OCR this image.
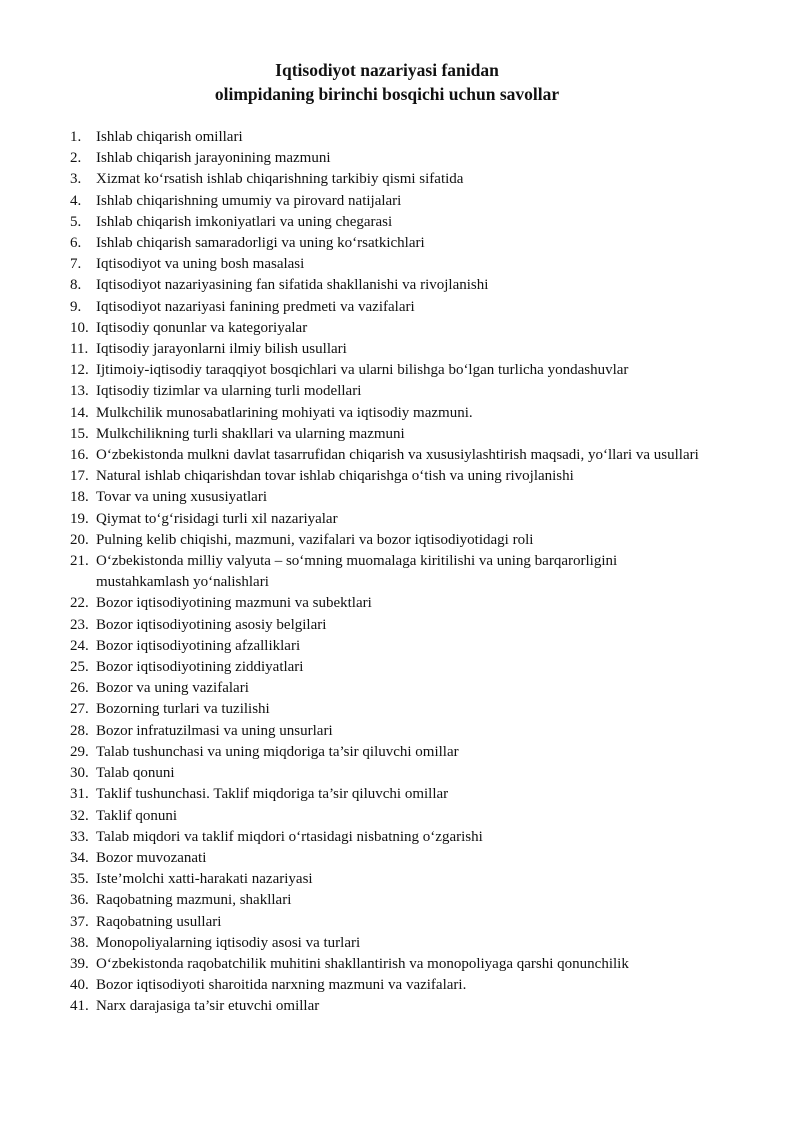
Iqtisodiyot nazariyasi fanidan
olimpidaning birinchi bosqichi uchun savollar
1. Ishlab chiqarish omillari
2. Ishlab chiqarish jarayonining mazmuni
3. Xizmat ko‘rsatish ishlab chiqarishning tarkibiy qismi sifatida
4. Ishlab chiqarishning umumiy va pirovard natijalari
5. Ishlab chiqarish imkoniyatlari va uning chegarasi
6. Ishlab chiqarish samaradorligi va uning ko‘rsatkichlari
7. Iqtisodiyot va uning bosh masalasi
8. Iqtisodiyot nazariyasining fan sifatida shakllanishi va rivojlanishi
9. Iqtisodiyot nazariyasi fanining predmeti va vazifalari
10. Iqtisodiy qonunlar va kategoriyalar
11. Iqtisodiy jarayonlarni ilmiy bilish usullari
12. Ijtimoiy-iqtisodiy taraqqiyot bosqichlari va ularni bilishga bo‘lgan turlicha yondashuvlar
13. Iqtisodiy tizimlar va ularning turli modellari
14. Mulkchilik munosabatlarining mohiyati va iqtisodiy mazmuni.
15. Mulkchilikning turli shakllari va ularning mazmuni
16. O‘zbekistonda mulkni davlat tasarrufidan chiqarish va xususiylashtirish maqsadi, yo‘llari va usullari
17. Natural ishlab chiqarishdan tovar ishlab chiqarishga o‘tish va uning rivojlanishi
18. Tovar va uning xususiyatlari
19. Qiymat to‘g‘risidagi turli xil nazariyalar
20. Pulning kelib chiqishi, mazmuni, vazifalari va bozor iqtisodiyotidagi roli
21. O‘zbekistonda milliy valyuta – so‘mning muomalaga kiritilishi va uning barqarorligini mustahkamlash yo‘nalishlari
22. Bozor iqtisodiyotining mazmuni va subektlari
23. Bozor iqtisodiyotining asosiy belgilari
24. Bozor iqtisodiyotining afzalliklari
25. Bozor iqtisodiyotining ziddiyatlari
26. Bozor va uning vazifalari
27. Bozorning turlari va tuzilishi
28. Bozor infratuzilmasi va uning unsurlari
29. Talab tushunchasi va uning miqdoriga ta’sir qiluvchi omillar
30. Talab qonuni
31. Taklif tushunchasi. Taklif miqdoriga ta’sir qiluvchi omillar
32. Taklif qonuni
33. Talab miqdori va taklif miqdori o‘rtasidagi nisbatning o‘zgarishi
34. Bozor muvozanati
35. Iste’molchi xatti-harakati nazariyasi
36. Raqobatning mazmuni, shakllari
37. Raqobatning usullari
38. Monopoliyalarning iqtisodiy asosi va turlari
39. O‘zbekistonda raqobatchilik muhitini shakllantirish va monopoliyaga qarshi qonunchilik
40. Bozor iqtisodiyoti sharoitida narxning mazmuni va vazifalari.
41. Narx darajasiga ta’sir etuvchi omillar
